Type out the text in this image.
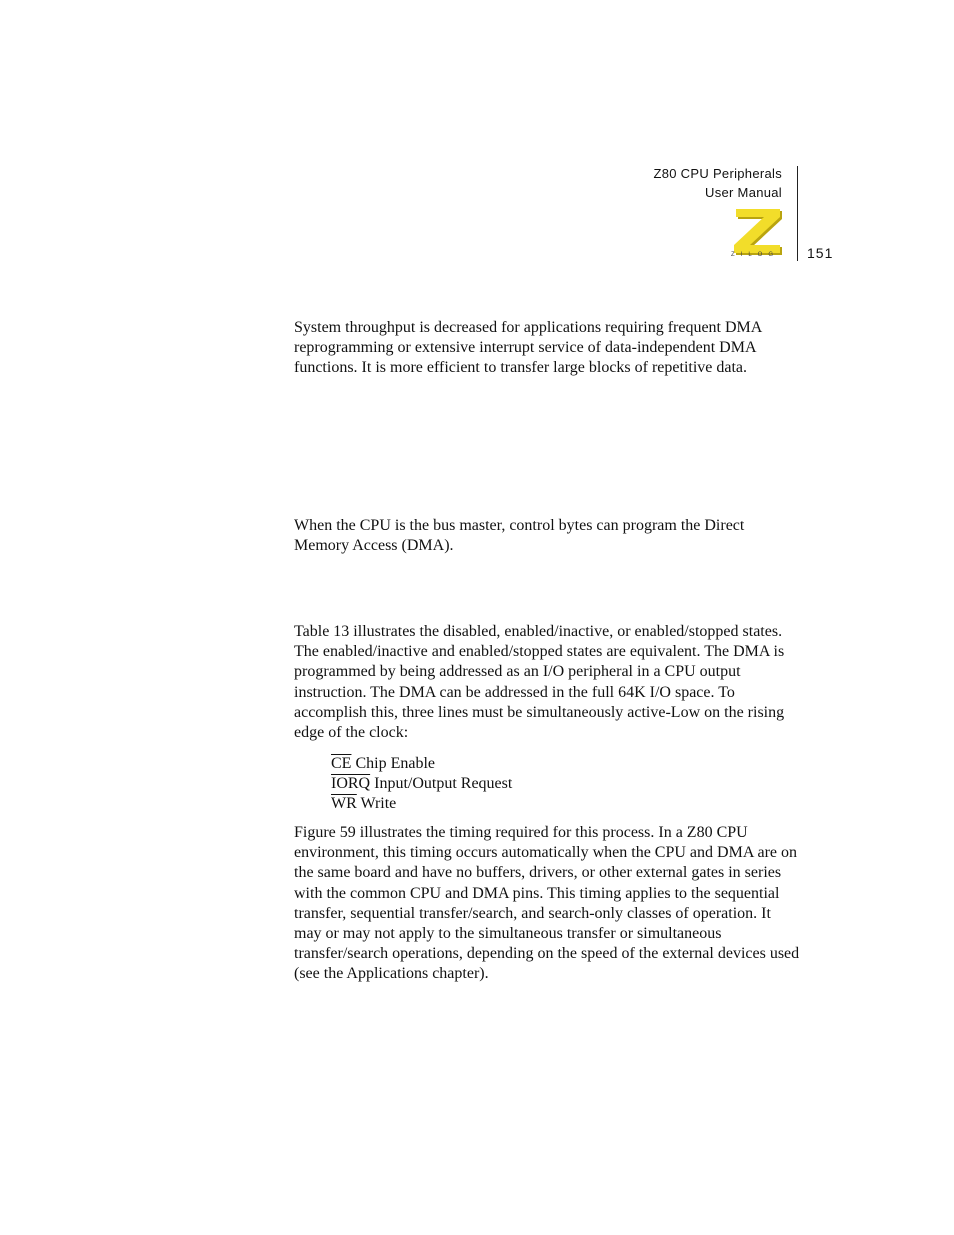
Z80 CPU Peripherals
User Manual
ZILOG	151

System throughput is decreased for applications requiring frequent DMA reprogramming or extensive interrupt service of data-independent DMA functions. It is more efficient to transfer large blocks of repetitive data.

When the CPU is the bus master, control bytes can program the Direct Memory Access (DMA).

Table 13 illustrates the disabled, enabled/inactive, or enabled/stopped states. The enabled/inactive and enabled/stopped states are equivalent. The DMA is programmed by being addressed as an I/O peripheral in a CPU output instruction. The DMA can be addressed in the full 64K I/O space. To accomplish this, three lines must be simultaneously active-Low on the rising edge of the clock:

$\overline{CE}$ Chip Enable
IORQ Input/Output Request
$\overline{WR}$ Write

Figure 59 illustrates the timing required for this process. In a Z80 CPU environment, this timing occurs automatically when the CPU and DMA are on the same board and have no buffers, drivers, or other external gates in series with the common CPU and DMA pins. This timing applies to the sequential transfer, sequential transfer/search, and search-only classes of operation. It may or may not apply to the simultaneous transfer or simultaneous transfer/search operations, depending on the speed of the external devices used (see the Applications chapter).
